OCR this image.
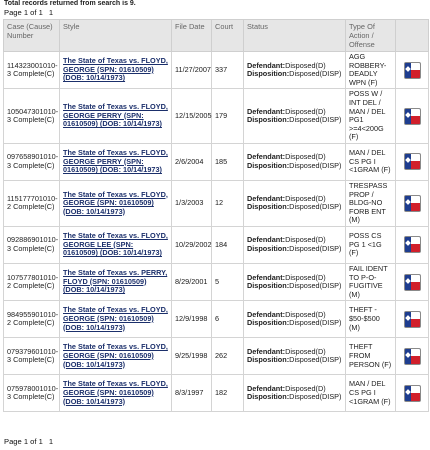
Total records returned from search is 9.
Page 1 of 1 1
Case (Cause) Number	Style	File Date	Court	Status	Type Of Action / Offense	
114323001010-3 Complete(C)	The State of Texas vs. FLOYD, GEORGE (SPN: 01610509) (DOB: 10/14/1973)	11/27/2007	337	Defendant:Disposed(D)
Disposition:Disposed(DISP)	AGG ROBBERY-DEADLY WPN (F)	

105047301010-3 Complete(C)	The State of Texas vs. FLOYD, GEORGE PERRY (SPN: 01610509) (DOB: 10/14/1973)	12/15/2005	179	Defendant:Disposed(D)
Disposition:Disposed(DISP)	POSS W / INT DEL / MAN / DEL PG1 >=4<200G (F)	

097658901010-3 Complete(C)	The State of Texas vs. FLOYD, GEORGE PERRY (SPN: 01610509) (DOB: 10/14/1973)	2/6/2004	185	Defendant:Disposed(D)
Disposition:Disposed(DISP)	MAN / DEL CS PG I <1GRAM (F)	

115177701010-2 Complete(C)	The State of Texas vs. FLOYD, GEORGE (SPN: 01610509) (DOB: 10/14/1973)	1/3/2003	12	Defendant:Disposed(D)
Disposition:Disposed(DISP)	TRESPASS PROP / BLDG-NO FORB ENT (M)	

092886901010-3 Complete(C)	The State of Texas vs. FLOYD, GEORGE LEE (SPN: 01610509) (DOB: 10/14/1973)	10/29/2002	184	Defendant:Disposed(D)
Disposition:Disposed(DISP)	POSS CS PG 1 <1G (F)	

107577801010-2 Complete(C)	The State of Texas vs. PERRY, FLOYD (SPN: 01610509) (DOB: 10/14/1973)	8/29/2001	5	Defendant:Disposed(D)
Disposition:Disposed(DISP)	FAIL IDENT TO P-O-FUGITIVE (M)	

984955901010-2 Complete(C)	The State of Texas vs. FLOYD, GEORGE (SPN: 01610509) (DOB: 10/14/1973)	12/9/1998	6	Defendant:Disposed(D)
Disposition:Disposed(DISP)	THEFT - $50-$500 (M)	

079379601010-3 Complete(C)	The State of Texas vs. FLOYD, GEORGE (SPN: 01610509) (DOB: 10/14/1973)	9/25/1998	262	Defendant:Disposed(D)
Disposition:Disposed(DISP)	THEFT FROM PERSON (F)	

075978001010-3 Complete(C)	The State of Texas vs. FLOYD, GEORGE (SPN: 01610509) (DOB: 10/14/1973)	8/3/1997	182	Defendant:Disposed(D)
Disposition:Disposed(DISP)	MAN / DEL CS PG I <1GRAM (F)	
Page 1 of 1 1
